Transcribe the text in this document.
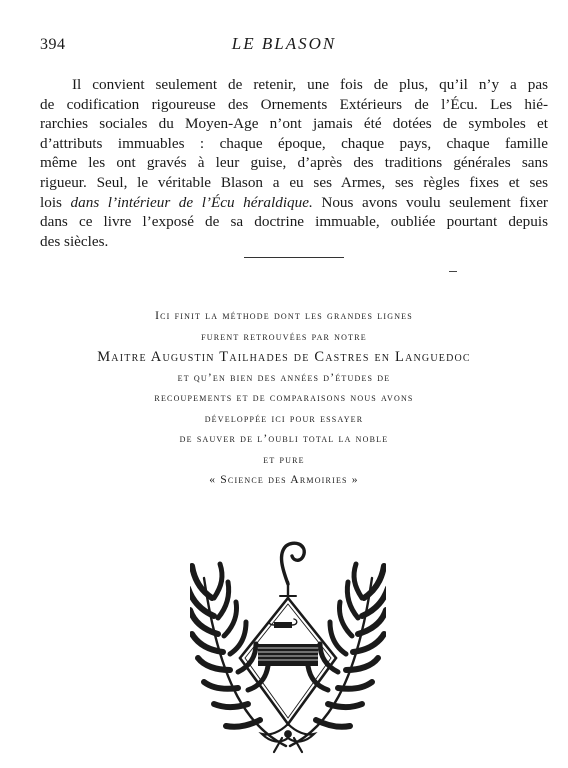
394	LE BLASON

Il convient seulement de retenir, une fois de plus, qu’il n’y a pas
de codification rigoureuse des Ornements Extérieurs de l’Écu. Les hié-
rarchies sociales du Moyen-Age n’ont jamais été dotées de symboles et
d’attributs immuables : chaque époque, chaque pays, chaque famille
même les ont gravés à leur guise, d’après des traditions générales sans
rigueur. Seul, le véritable Blason a eu ses Armes, ses règles fixes et ses
lois dans l’intérieur de l’Écu héraldique. Nous avons voulu seulement fixer
dans ce livre l’exposé de sa doctrine immuable, oubliée pourtant depuis
des siècles.

Ici finit la méthode dont les grandes lignes
furent retrouvées par notre
Maitre Augustin Tailhades de Castres en Languedoc
et qu’en bien des années d’études de
recoupements et de comparaisons nous avons
développée ici pour essayer
de sauver de l’oubli total la noble
et pure
« Science des Armoiries »
